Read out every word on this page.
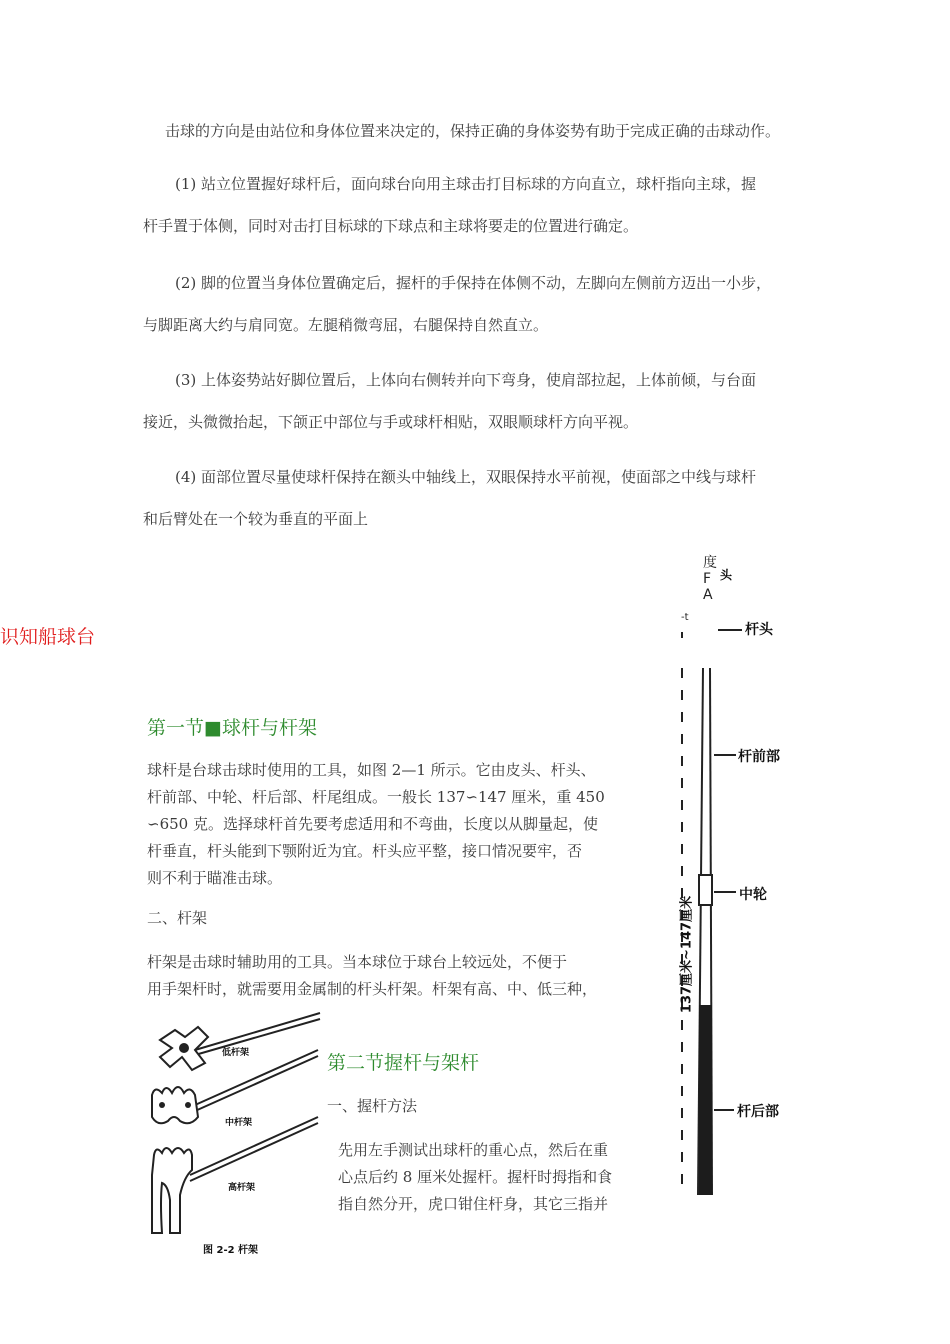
击球的方向是由站位和身体位置来决定的，保持正确的身体姿势有助于完成正确的击球动作。
(1) 站立位置握好球杆后，面向球台向用主球击打目标球的方向直立，球杆指向主球，握
杆手置于体侧，同时对击打目标球的下球点和主球将要走的位置进行确定。
(2) 脚的位置当身体位置确定后，握杆的手保持在体侧不动，左脚向左侧前方迈出一小步，
与脚距离大约与肩同宽。左腿稍微弯屈，右腿保持自然直立。
(3) 上体姿势站好脚位置后，上体向右侧转并向下弯身，使肩部拉起，上体前倾，与台面
接近，头微微抬起，下颌正中部位与手或球杆相贴，双眼顺球杆方向平视。
(4) 面部位置尽量使球杆保持在额头中轴线上，双眼保持水平前视，使面部之中线与球杆
和后臂处在一个较为垂直的平面上
识知船球台
第一节■球杆与杆架
球杆是台球击球时使用的工具，如图 2—1 所示。它由皮头、杆头、
杆前部、中轮、杆后部、杆尾组成。一般长 137∽147 厘米，重 450
∽650 克。选择球杆首先要考虑适用和不弯曲，长度以从脚量起，使
杆垂直，杆头能到下颚附近为宜。杆头应平整，接口情况要牢，否
则不利于瞄准击球。
二、杆架
杆架是击球时辅助用的工具。当本球位于球台上较远处，不便于
用手架杆时，就需要用金属制的杆头杆架。杆架有高、中、低三种，
低杆架
中杆架
高杆架
图 2-2 杆架
第二节握杆与架杆
一、握杆方法
先用左手测试出球杆的重心点，然后在重
心点后约 8 厘米处握杆。握杆时拇指和食
指自然分开，虎口钳住杆身，其它三指并
度
F
A
头
-t
杆头
杆前部
中轮
杆后部
137厘米~147厘米
